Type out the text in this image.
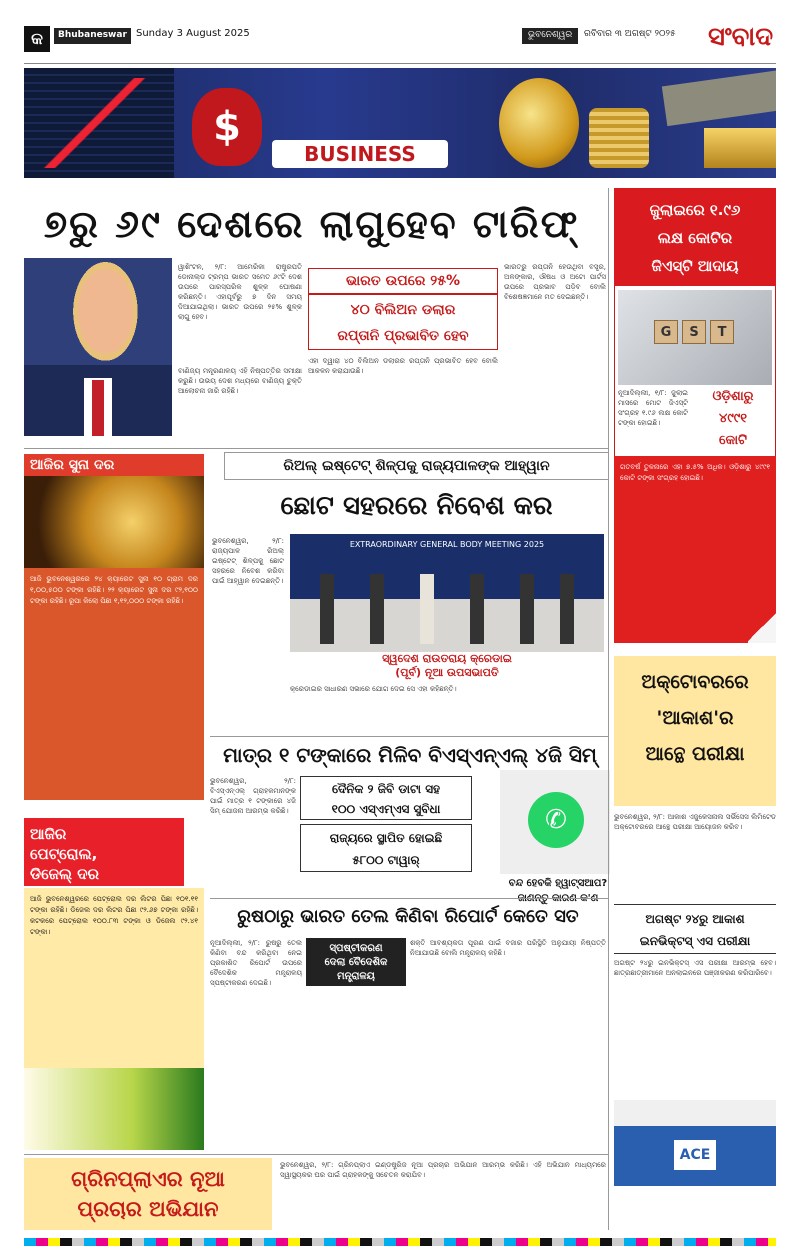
କ	Bhubaneswar Sunday 3 August 2025	ଭୁବନେଶ୍ୱର	ରବିବାର ୩ ଅଗଷ୍ଟ ୨୦୨୫ ସଂ‌ବାଦ
$
BUSINESS
୭ରୁ ୬୯ ଦେଶରେ ଲାଗୁହେବ ଟାରିଫ୍
ୱାଶିଂଟନ, ୨/୮: ଆମେରିକା ରାଷ୍ଟ୍ରପତି ଡୋନାଲ୍ଡ ଟ୍ରମ୍ପ ଭାରତ ସମେତ ୬୯ଟି ଦେଶ ଉପରେ ପାରସ୍ପରିକ ଶୁଳ୍କ ଘୋଷଣା କରିଛନ୍ତି। ଏହାପୂର୍ବରୁ ୭ ଦିନ ସମୟ ଦିଆଯାଇଥିଲା। ଭାରତ ଉପରେ ୨୫% ଶୁଳ୍କ ଲାଗୁ ହେବ।
ଭାରତ ଉପରେ ୨୫%
୪୦ ବିଲିଅନ ଡଲାର
ରପ୍ତାନି ପ୍ରଭାବିତ ହେବ
ଭାରତରୁ ରପ୍ତାନି ହେଉଥିବା ବସ୍ତ୍ର, ଅଳଙ୍କାର, ଔଷଧ ଓ ଅଟୋ ପାର୍ଟସ ଉପରେ ପ୍ରଭାବ ପଡ଼ିବ ବୋଲି ବିଶେଷଜ୍ଞମାନେ ମତ ଦେଇଛନ୍ତି।
ବାଣିଜ୍ୟ ମନ୍ତ୍ରଣାଳୟ ଏହି ନିଷ୍ପତ୍ତିର ସମୀକ୍ଷା କରୁଛି। ଉଭୟ ଦେଶ ମଧ୍ୟରେ ବାଣିଜ୍ୟ ଚୁକ୍ତି ଆଲୋଚନା ଜାରି ରହିଛି।
ଏହା ଦ୍ୱାରା ୪୦ ବିଲିଅନ ଡଲାରର ରପ୍ତାନି ପ୍ରଭାବିତ ହେବ ବୋଲି ଆକଳନ କରାଯାଉଛି।
ଜୁଲାଇରେ ୧.୯୬
ଲକ୍ଷ କୋଟିର
ଜିଏସ୍‌ଟି ଆଦାୟ
G	S	T
ନୂଆଦିଲ୍ଲୀ, ୧/୮: ଜୁଲାଇ ମାସରେ ମୋଟ ଜିଏସ୍‌ଟି ସଂଗ୍ରହ ୧.୯୬ ଲକ୍ଷ କୋଟି ଟଙ୍କା ହୋଇଛି।
ଓଡ଼ିଶାରୁ
୪୯୯୧
କୋଟି
ଗତବର୍ଷ ତୁଳନାରେ ଏହା ୭.୫% ଅଧିକ। ଓଡ଼ିଶାରୁ ୪୯୯୧ କୋଟି ଟଙ୍କା ସଂଗ୍ରହ ହୋଇଛି।
ଆଜିର ସୁନା ଦର
ଆଜି ଭୁବନେଶ୍ୱରରେ ୨୪ କ୍ୟାରେଟ ସୁନା ୧୦ ଗ୍ରାମ ଦର ୧,୦୦,୫୦୦ ଟଙ୍କା ରହିଛି। ୨୨ କ୍ୟାରେଟ ସୁନା ଦର ୯୨,୧୦୦ ଟଙ୍କା ରହିଛି। ରୂପା କିଲୋ ପିଛା ୧,୧୨,୦୦୦ ଟଙ୍କା ରହିଛି।
ରିଅଲ୍ ଇଷ୍ଟେଟ୍ ଶିଳ୍ପକୁ ରାଜ୍ୟପାଳଙ୍କ ଆହ୍ୱାନ
ଛୋଟ ସହରରେ ନିବେଶ କର
ଭୁବନେଶ୍ୱର, ୨/୮: ରାଜ୍ୟପାଳ ରିଅଲ୍ ଇଷ୍ଟେଟ୍ ଶିଳ୍ପକୁ ଛୋଟ ସହରରେ ନିବେଶ କରିବା ପାଇଁ ଆହ୍ୱାନ ଦେଇଛନ୍ତି।
EXTRAORDINARY GENERAL BODY MEETING 2025
ସ୍ୱଦେଶ ରାଉତରାୟ କ୍ରେଡାଇ
(ପୂର୍ବ) ନୂଆ ଉପସଭାପତି
କ୍ରେଡାଇର ସାଧାରଣ ସଭାରେ ଯୋଗ ଦେଇ ସେ ଏହା କହିଛନ୍ତି।
ମାତ୍ର ୧ ଟଙ୍କାରେ ମିଳିବ ବିଏସ୍‌ଏନ୍‌ଏଲ୍ ୪ଜି ସିମ୍
ଭୁବନେଶ୍ୱର, ୨/୮: ବିଏସ୍‌ଏନ୍‌ଏଲ୍ ଗ୍ରାହକମାନଙ୍କ ପାଇଁ ମାତ୍ର ୧ ଟଙ୍କାରେ ୪ଜି ସିମ୍ ଯୋଜନା ଆରମ୍ଭ କରିଛି।
ଦୈନିକ ୨ ଜିବି ଡାଟା ସହ
୧୦୦ ଏସ୍‌ଏମ୍‌ଏସ ସୁବିଧା
ରାଜ୍ୟରେ ସ୍ଥାପିତ ହୋଇଛି
୫୮୦୦ ଟାୱାର୍
✆
ବନ୍ଦ ହେବକି ହ୍ୱାଟ୍ସଆପ?
ଆଜିର
ପେଟ୍ରୋଲ,
ଡିଜେଲ୍ ଦର
ଆଜି ଭୁବନେଶ୍ୱରରେ ପେଟ୍ରୋଲ ଦର ଲିଟର ପିଛା ୧୦୧.୧୧ ଟଙ୍କା ରହିଛି। ଡିଜେଲ ଦର ଲିଟର ପିଛା ୯୨.୬୭ ଟଙ୍କା ରହିଛି। କଟକରେ ପେଟ୍ରୋଲ ୧୦୦.୮୩ ଟଙ୍କା ଓ ଡିଜେଲ ୯୨.୪୧ ଟଙ୍କା।
ରୁଷଠାରୁ ଭାରତ ତେଲ କିଣିବା ରିପୋର୍ଟ କେତେ ସତ
ନୂଆଦିଲ୍ଲୀ, ୨/୮: ରୁଷରୁ ତେଲ କିଣିବା ବନ୍ଦ କରିଥିବା ନେଇ ପ୍ରକାଶିତ ରିପୋର୍ଟ ଉପରେ ବୈଦେଶିକ ମନ୍ତ୍ରାଳୟ ସ୍ପଷ୍ଟୀକରଣ ଦେଇଛି।
ସ୍ପଷ୍ଟୀକରଣ
ଦେଲା ବୈଦେଶିକ
ମନ୍ତ୍ରାଳୟ
ଶକ୍ତି ଆବଶ୍ୟକତା ପୂରଣ ପାଇଁ ବଜାର ପରିସ୍ଥିତି ଅନୁଯାୟୀ ନିଷ୍ପତ୍ତି ନିଆଯାଉଛି ବୋଲି ମନ୍ତ୍ରାଳୟ କହିଛି।
ଅକ୍ଟୋବରରେ
'ଆକାଶ'ର
ଆନ୍ଥେ ପରୀକ୍ଷା
ଭୁବନେଶ୍ୱର, ୨/୮: ଆକାଶ ଏଜୁକେସନାଲ ସର୍ଭିସେସ ଲିମିଟେଡ ଅକ୍ଟୋବରରେ ଆନ୍ଥେ ପରୀକ୍ଷା ଆୟୋଜନ କରିବ।
ଅଗଷ୍ଟ ୨୪ରୁ ଆକାଶ
ଇନଭିକ୍ଟସ୍ ଏସ ପରୀକ୍ଷା
ଅଗଷ୍ଟ ୨୪ରୁ ଇନଭିକ୍ଟସ୍ ଏସ ପରୀକ୍ଷା ଆରମ୍ଭ ହେବ। ଛାତ୍ରଛାତ୍ରୀମାନେ ଅନଲାଇନରେ ପଞ୍ଜୀକରଣ କରିପାରିବେ।
ACE
ଗ୍ରିନପ୍ଲାଏର ନୂଆ
ପ୍ରଚାର ଅଭିଯାନ
ଭୁବନେଶ୍ୱର, ୨/୮: ଗ୍ରିନପ୍ଲାଏ ଇଣ୍ଡଷ୍ଟ୍ରିଜ ନୂଆ ପ୍ରଚାର ଅଭିଯାନ ଆରମ୍ଭ କରିଛି। ଏହି ଅଭିଯାନ ମାଧ୍ୟମରେ ସ୍ୱାସ୍ଥ୍ୟକର ଘର ପାଇଁ ଗ୍ରାହକଙ୍କୁ ସଚେତନ କରାଯିବ।
